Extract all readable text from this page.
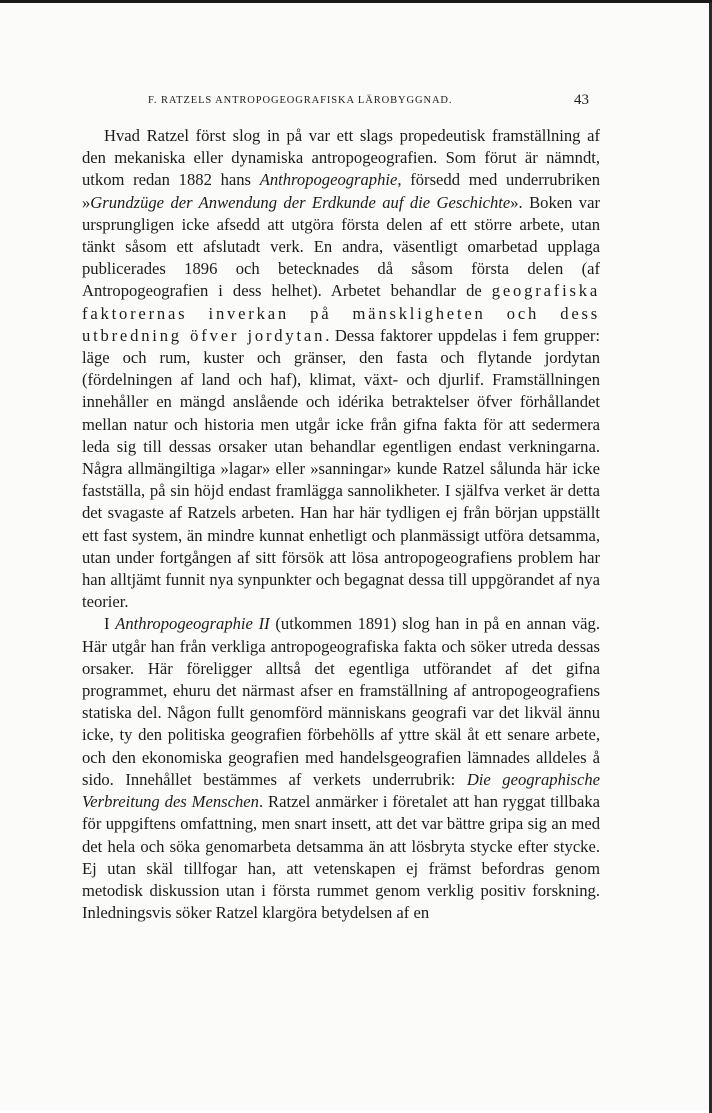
F. RATZELS ANTROPOGEOGRAFISKA LÄROBYGGNAD.	43

Hvad Ratzel först slog in på var ett slags propedeutisk framställning af den mekaniska eller dynamiska antropogeografien. Som förut är nämndt, utkom redan 1882 hans Anthropogeographie, försedd med underrubriken »Grundzüge der Anwendung der Erdkunde auf die Geschichte». Boken var ursprungligen icke afsedd att utgöra första delen af ett större arbete, utan tänkt såsom ett afslutadt verk. En andra, väsentligt omarbetad upplaga publicerades 1896 och betecknades då såsom första delen (af Antropogeografien i dess helhet). Arbetet behandlar de geografiska faktorernas inverkan på mänskligheten och dess utbredning öfver jordytan. Dessa faktorer uppdelas i fem grupper: läge och rum, kuster och gränser, den fasta och flytande jordytan (fördelningen af land och haf), klimat, växt- och djurlif. Framställningen innehåller en mängd anslående och idérika betraktelser öfver förhållandet mellan natur och historia men utgår icke från gifna fakta för att sedermera leda sig till dessas orsaker utan behandlar egentligen endast verkningarna. Några allmängiltiga »lagar» eller »sanningar» kunde Ratzel sålunda här icke fastställa, på sin höjd endast framlägga sannolikheter. I själfva verket är detta det svagaste af Ratzels arbeten. Han har här tydligen ej från början uppställt ett fast system, än mindre kunnat enhetligt och planmässigt utföra detsamma, utan under fortgången af sitt försök att lösa antropogeografiens problem har han alltjämt funnit nya synpunkter och begagnat dessa till uppgörandet af nya teorier.

I Anthropogeographie II (utkommen 1891) slog han in på en annan väg. Här utgår han från verkliga antropogeografiska fakta och söker utreda dessas orsaker. Här föreligger alltså det egentliga utförandet af det gifna programmet, ehuru det närmast afser en framställning af antropogeografiens statiska del. Någon fullt genomförd människans geografi var det likväl ännu icke, ty den politiska geografien förbehölls af yttre skäl åt ett senare arbete, och den ekonomiska geografien med handelsgeografien lämnades alldeles å sido. Innehållet bestämmes af verkets underrubrik: Die geographische Verbreitung des Menschen. Ratzel anmärker i företalet att han ryggat tillbaka för uppgiftens omfattning, men snart insett, att det var bättre gripa sig an med det hela och söka genomarbeta detsamma än att lösbryta stycke efter stycke. Ej utan skäl tillfogar han, att vetenskapen ej främst befordras genom metodisk diskussion utan i första rummet genom verklig positiv forskning. Inledningsvis söker Ratzel klargöra betydelsen af en
